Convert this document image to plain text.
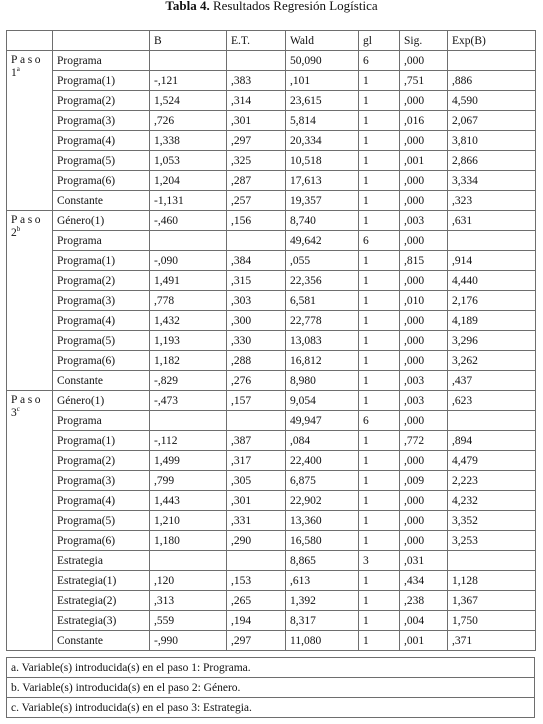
Tabla 4. Resultados Regresión Logística
		B	E.T.	Wald	gl	Sig.	Exp(B)
Paso
1$^a$	Programa			50,090	6	,000	
	Programa(1)	-,121	,383	,101	1	,751	,886
	Programa(2)	1,524	,314	23,615	1	,000	4,590
	Programa(3)	,726	,301	5,814	1	,016	2,067
	Programa(4)	1,338	,297	20,334	1	,000	3,810
	Programa(5)	1,053	,325	10,518	1	,001	2,866
	Programa(6)	1,204	,287	17,613	1	,000	3,334
	Constante	-1,131	,257	19,357	1	,000	,323
Paso
2$^b$	Género(1)	-,460	,156	8,740	1	,003	,631
	Programa			49,642	6	,000	
	Programa(1)	-,090	,384	,055	1	,815	,914
	Programa(2)	1,491	,315	22,356	1	,000	4,440
	Programa(3)	,778	,303	6,581	1	,010	2,176
	Programa(4)	1,432	,300	22,778	1	,000	4,189
	Programa(5)	1,193	,330	13,083	1	,000	3,296
	Programa(6)	1,182	,288	16,812	1	,000	3,262
	Constante	-,829	,276	8,980	1	,003	,437
Paso
3$^c$	Género(1)	-,473	,157	9,054	1	,003	,623
	Programa			49,947	6	,000	
	Programa(1)	-,112	,387	,084	1	,772	,894
	Programa(2)	1,499	,317	22,400	1	,000	4,479
	Programa(3)	,799	,305	6,875	1	,009	2,223
	Programa(4)	1,443	,301	22,902	1	,000	4,232
	Programa(5)	1,210	,331	13,360	1	,000	3,352
	Programa(6)	1,180	,290	16,580	1	,000	3,253
	Estrategia			8,865	3	,031	
	Estrategia(1)	,120	,153	,613	1	,434	1,128
	Estrategia(2)	,313	,265	1,392	1	,238	1,367
	Estrategia(3)	,559	,194	8,317	1	,004	1,750
	Constante	-,990	,297	11,080	1	,001	,371
a. Variable(s) introducida(s) en el paso 1: Programa.
b. Variable(s) introducida(s) en el paso 2: Género.
c. Variable(s) introducida(s) en el paso 3: Estrategia.
